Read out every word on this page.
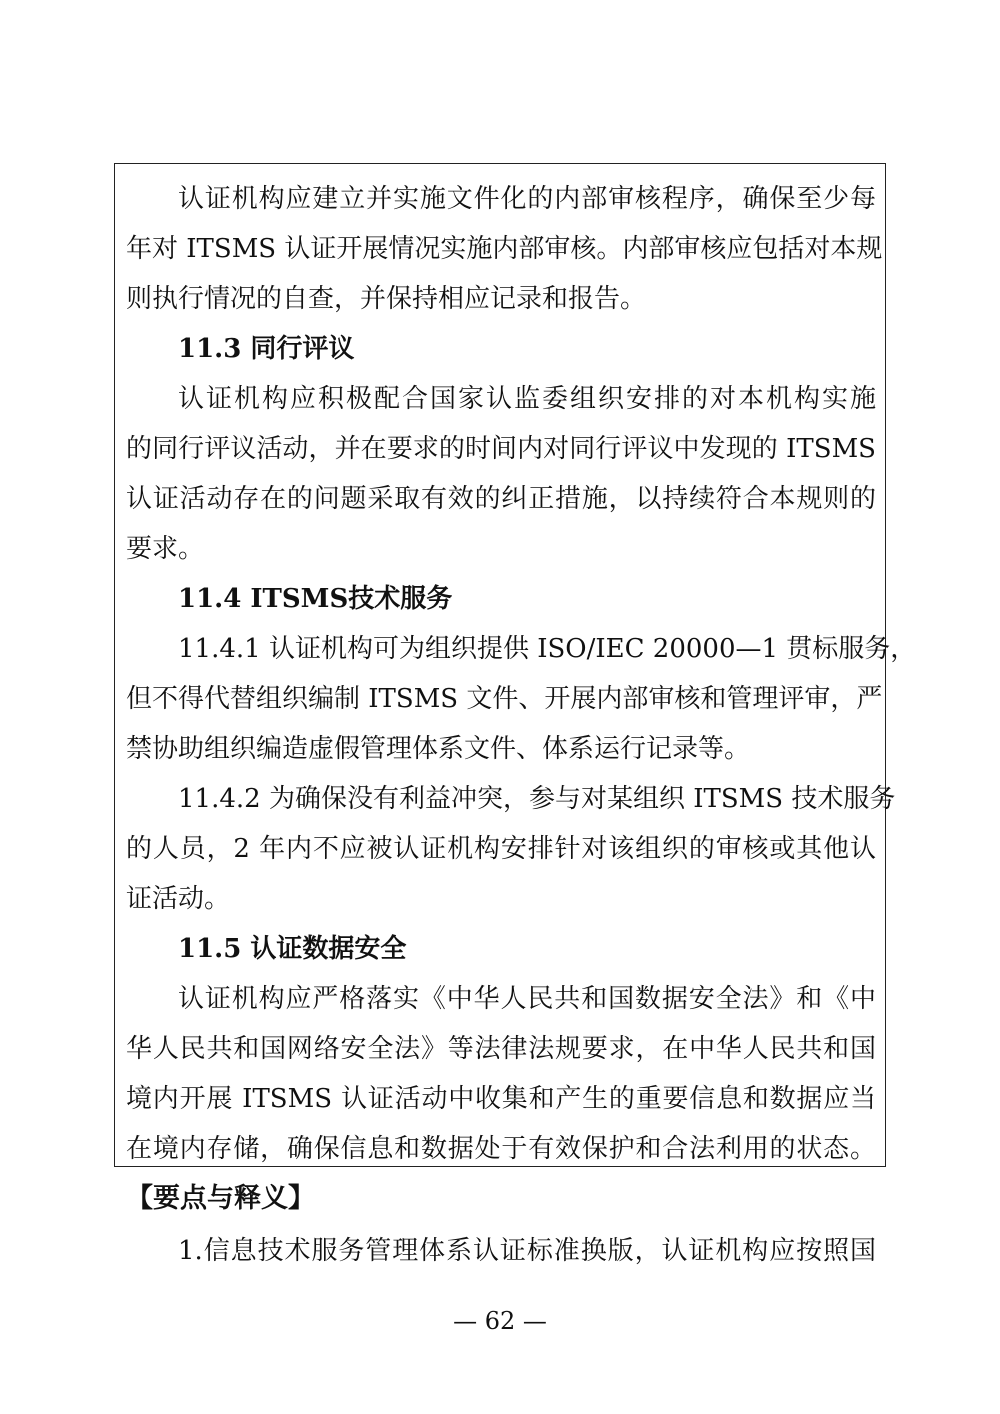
认证机构应建立并实施文件化的内部审核程序，确保至少每
年对 ITSMS 认证开展情况实施内部审核。内部审核应包括对本规
则执行情况的自查，并保持相应记录和报告。
11.3 同行评议
认证机构应积极配合国家认监委组织安排的对本机构实施
的同行评议活动，并在要求的时间内对同行评议中发现的 ITSMS
认证活动存在的问题采取有效的纠正措施，以持续符合本规则的
要求。
11.4 ITSMS技术服务
11.4.1 认证机构可为组织提供 ISO/IEC 20000—1 贯标服务，
但不得代替组织编制 ITSMS 文件、开展内部审核和管理评审，严
禁协助组织编造虚假管理体系文件、体系运行记录等。
11.4.2 为确保没有利益冲突，参与对某组织 ITSMS 技术服务
的人员，2 年内不应被认证机构安排针对该组织的审核或其他认
证活动。
11.5 认证数据安全
认证机构应严格落实《中华人民共和国数据安全法》和《中
华人民共和国网络安全法》等法律法规要求，在中华人民共和国
境内开展 ITSMS 认证活动中收集和产生的重要信息和数据应当
在境内存储，确保信息和数据处于有效保护和合法利用的状态。
【要点与释义】
1.信息技术服务管理体系认证标准换版，认证机构应按照国
— 62 —
